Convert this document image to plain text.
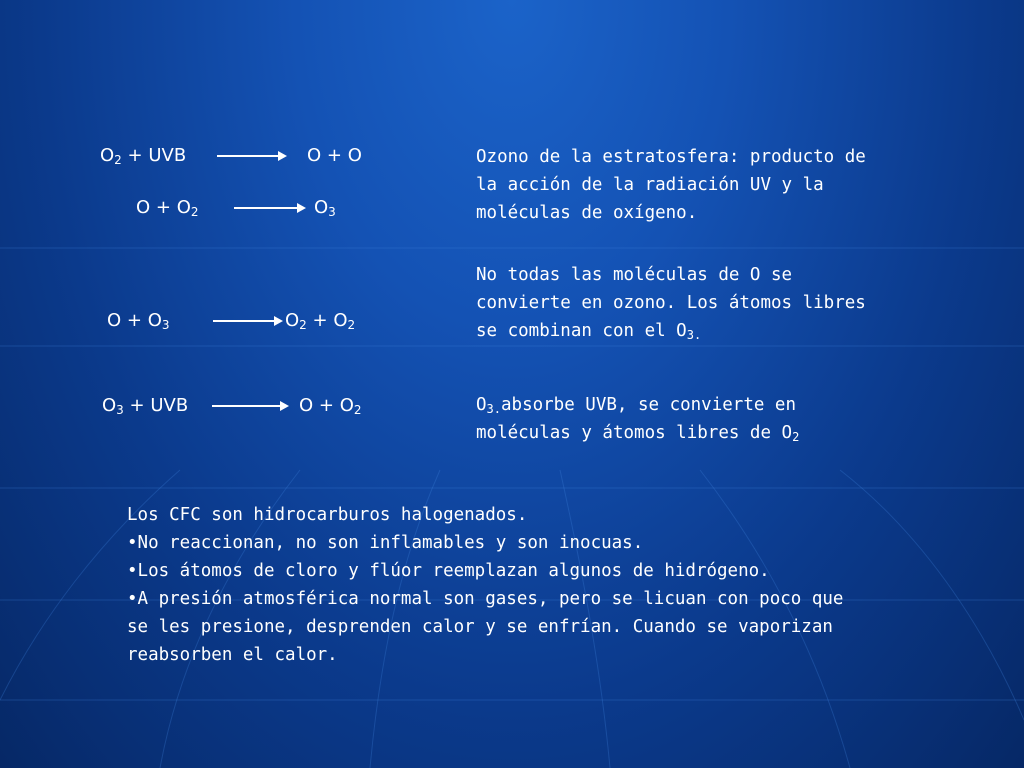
$O_2$ + UVB → O + O
$O + O_2 \to O_3$
$O + O_3 \to O_2 + O_2$
$O_3$ + UVB	$O + O_2$
Ozono de la estratosfera: producto de
la acción de la radiación UV y la
moléculas de oxígeno.
No todas las moléculas de O se
convierte en ozono. Los átomos libres
se combinan con el $O_{3.}$
$O_{3.}absorbe$ UVB, se convierte en
moléculas y átomos libres de $O_2$
Los CFC son hidrocarburos halogenados.
•No reaccionan, no son inflamables y son inocuas.
•Los átomos de cloro y flúor reemplazan algunos de hidrógeno.
•A presión atmosférica normal son gases, pero se licuan con poco que
se les presione, desprenden calor y se enfrían. Cuando se vaporizan
reabsorben el calor.
